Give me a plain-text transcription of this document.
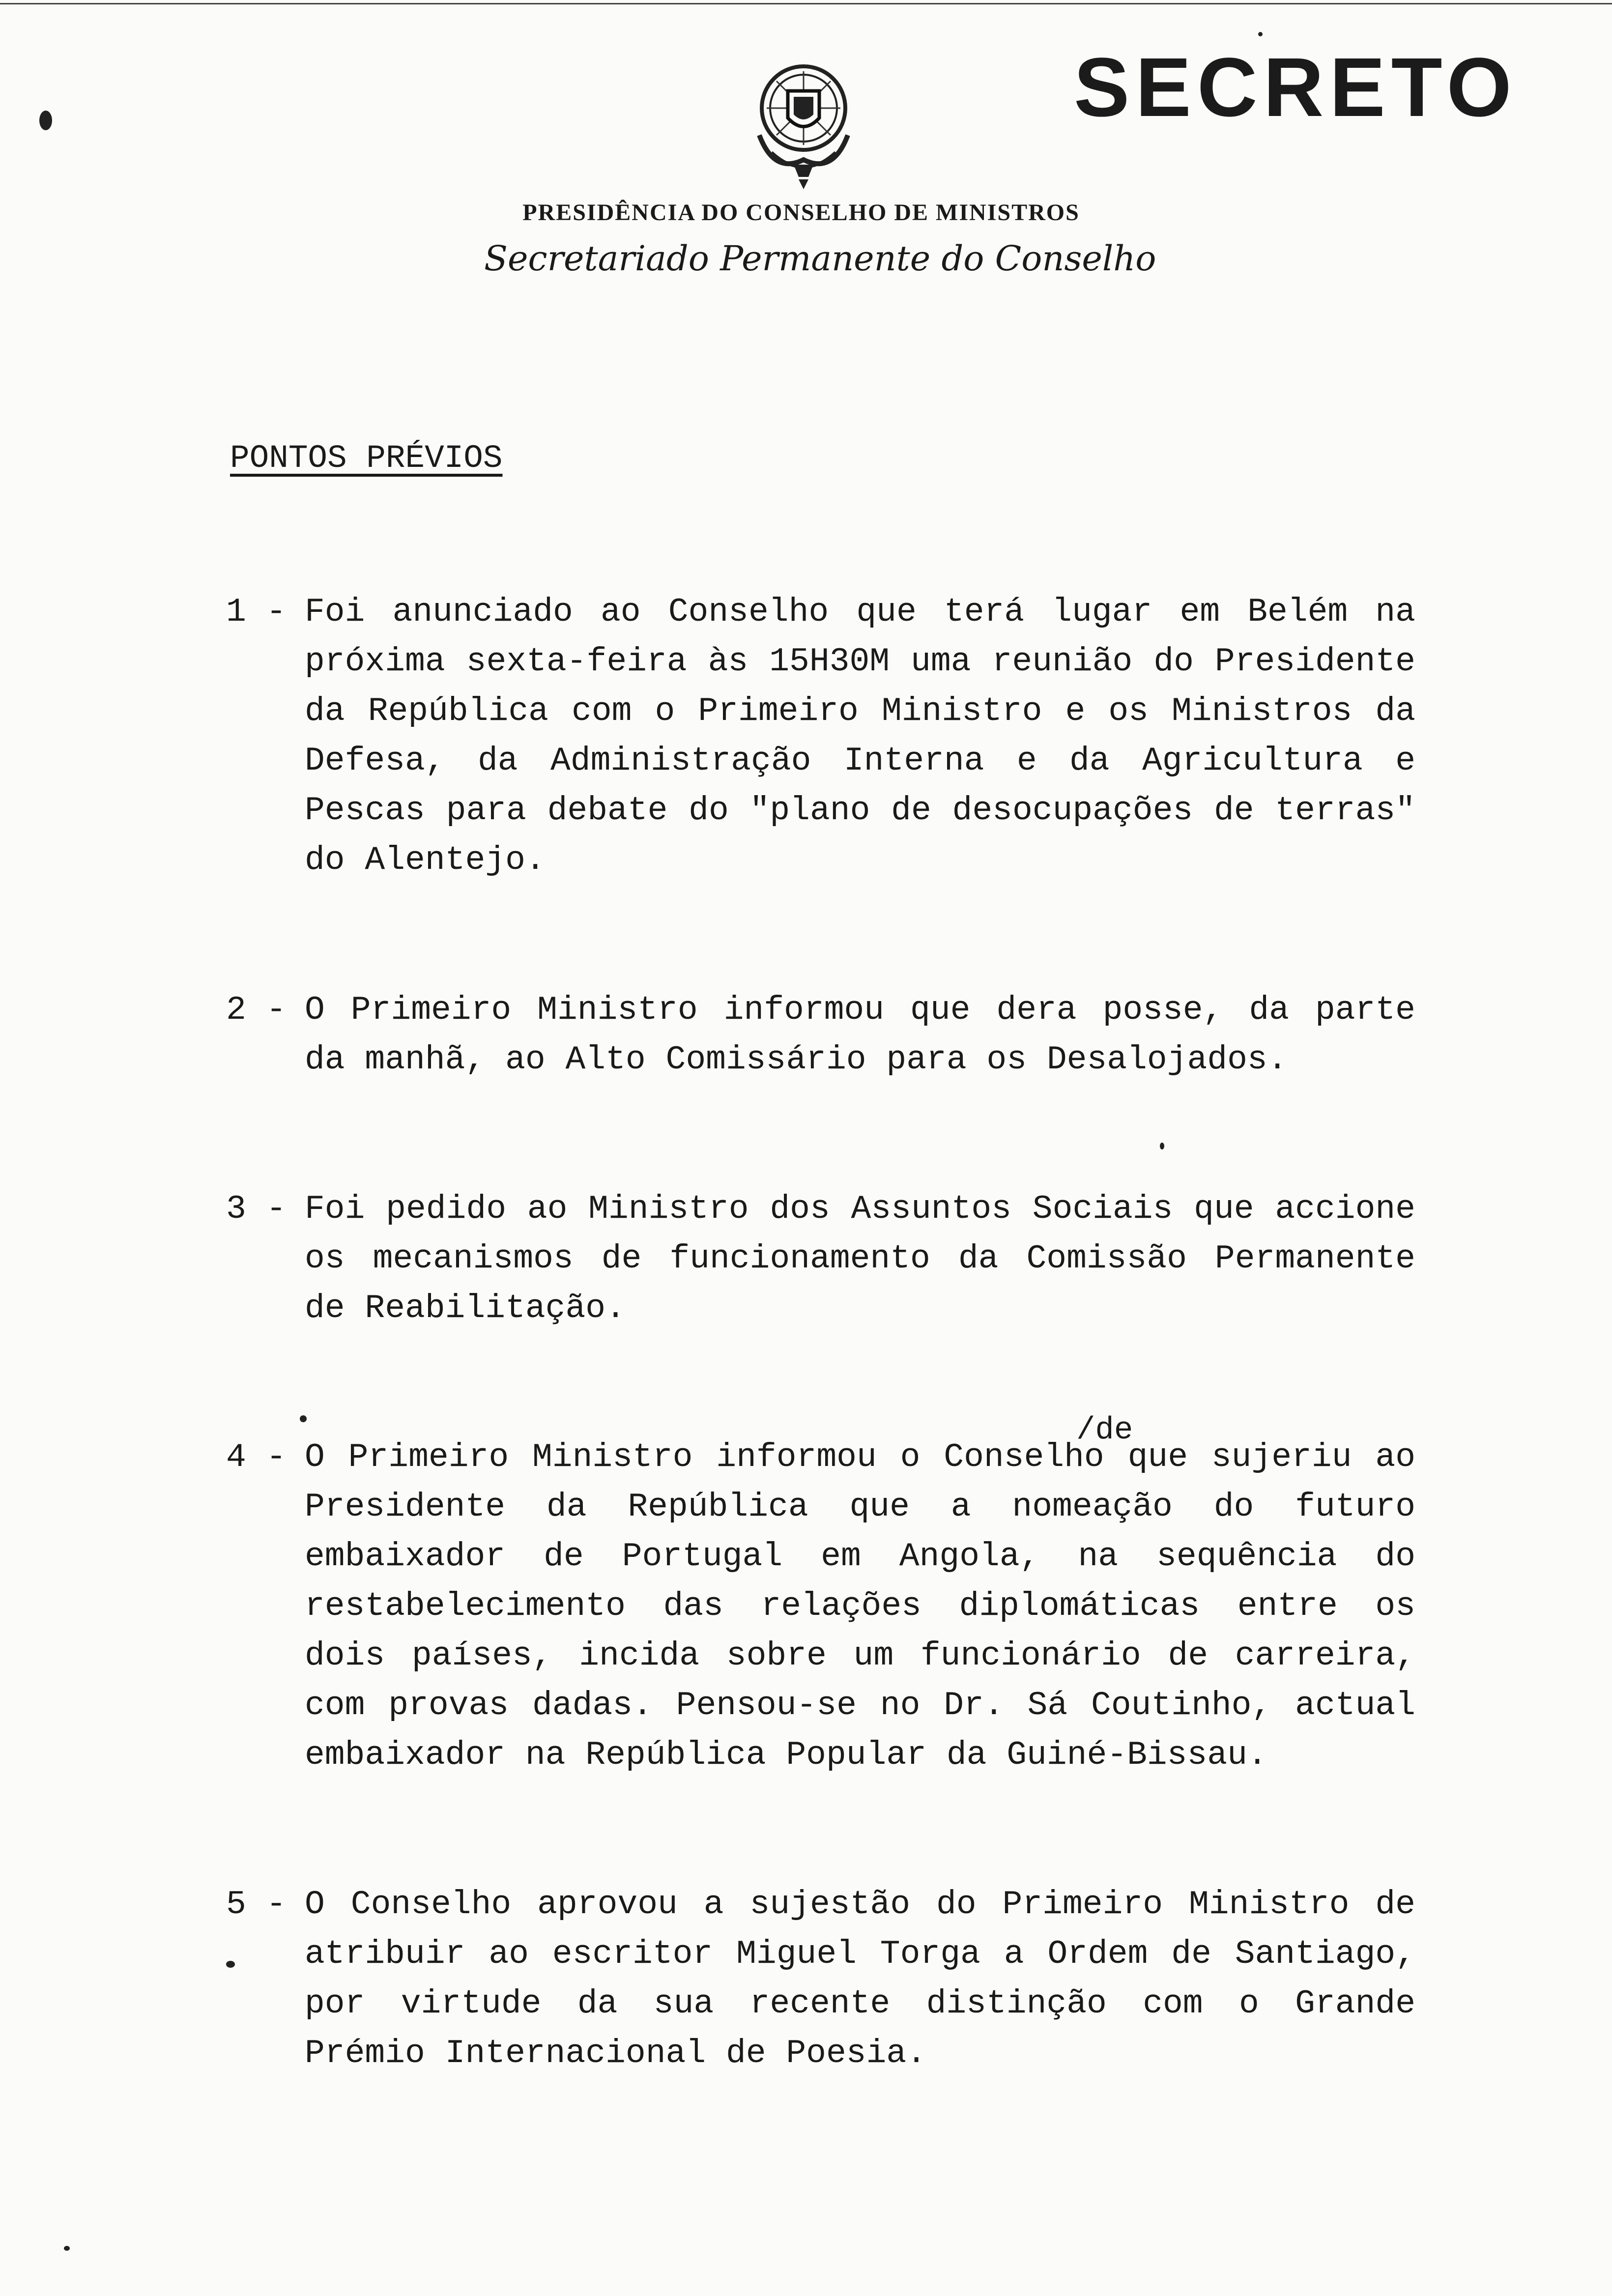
SECRETO
PRESIDÊNCIA DO CONSELHO DE MINISTROS
Secretariado Permanente do Conselho
PONTOS PRÉVIOS
1 - Foi anunciado ao Conselho que terá lugar em Belém na próxima sexta-feira às 15H30M uma reunião do Presidente da República com o Primeiro Ministro e os Ministros da Defesa, da Administração Interna e da Agricultura e Pescas para debate do "plano de desocupações de terras" do Alentejo.
2 - O Primeiro Ministro informou que dera posse, da parte da manhã, ao Alto Comissário para os Desalojados.
3 - Foi pedido ao Ministro dos Assuntos Sociais que accione os mecanismos de funcionamento da Comissão Permanente de Reabilitação.
/de
4 - O Primeiro Ministro informou o Conselho que sujeriu ao Presidente da República que a nomeação do futuro embaixador de Portugal em Angola, na sequência do restabelecimento das relações diplomáticas entre os dois países, incida sobre um funcionário de carreira, com provas dadas. Pensou-se no Dr. Sá Coutinho, actual embaixador na República Popular da Guiné-Bissau.
5 - O Conselho aprovou a sujestão do Primeiro Ministro de atribuir ao escritor Miguel Torga a Ordem de Santiago, por virtude da sua recente distinção com o Grande Prémio Internacional de Poesia.
